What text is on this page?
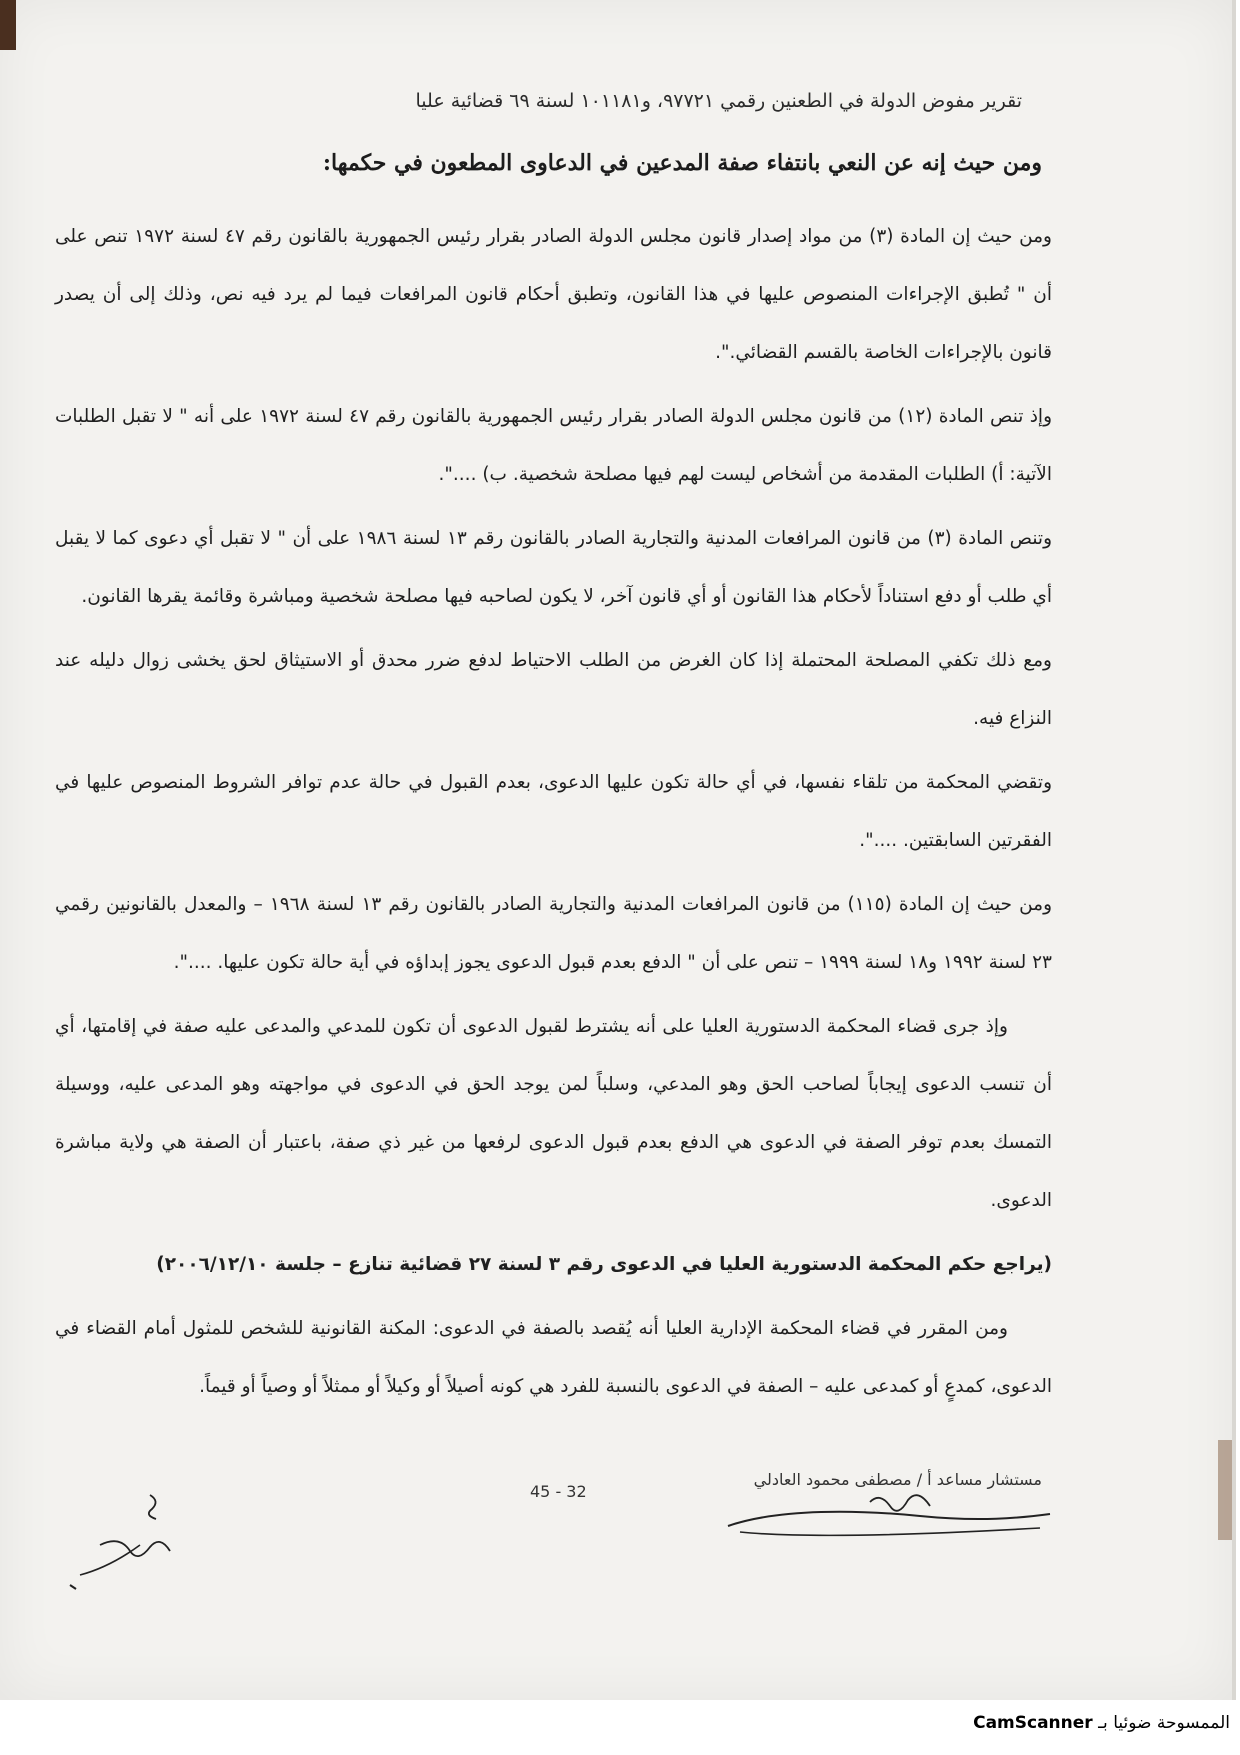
تقرير مفوض الدولة في الطعنين رقمي ٩٧٧٢١، و١٠١١٨١ لسنة ٦٩ قضائية عليا
ومن حيث إنه عن النعي بانتفاء صفة المدعين في الدعاوى المطعون في حكمها:

ومن حيث إن المادة (٣) من مواد إصدار قانون مجلس الدولة الصادر بقرار رئيس الجمهورية بالقانون رقم ٤٧ لسنة ١٩٧٢ تنص على أن " تُطبق الإجراءات المنصوص عليها في هذا القانون، وتطبق أحكام قانون المرافعات فيما لم يرد فيه نص، وذلك إلى أن يصدر قانون بالإجراءات الخاصة بالقسم القضائي.".

وإذ تنص المادة (١٢) من قانون مجلس الدولة الصادر بقرار رئيس الجمهورية بالقانون رقم ٤٧ لسنة ١٩٧٢ على أنه " لا تقبل الطلبات الآتية: أ) الطلبات المقدمة من أشخاص ليست لهم فيها مصلحة شخصية. ب) ....".

وتنص المادة (٣) من قانون المرافعات المدنية والتجارية الصادر بالقانون رقم ١٣ لسنة ١٩٨٦ على أن " لا تقبل أي دعوى كما لا يقبل أي طلب أو دفع استناداً لأحكام هذا القانون أو أي قانون آخر، لا يكون لصاحبه فيها مصلحة شخصية ومباشرة وقائمة يقرها القانون.

ومع ذلك تكفي المصلحة المحتملة إذا كان الغرض من الطلب الاحتياط لدفع ضرر محدق أو الاستيثاق لحق يخشى زوال دليله عند النزاع فيه.

وتقضي المحكمة من تلقاء نفسها، في أي حالة تكون عليها الدعوى، بعدم القبول في حالة عدم توافر الشروط المنصوص عليها في الفقرتين السابقتين. ....".

ومن حيث إن المادة (١١٥) من قانون المرافعات المدنية والتجارية الصادر بالقانون رقم ١٣ لسنة ١٩٦٨ – والمعدل بالقانونين رقمي ٢٣ لسنة ١٩٩٢ و١٨ لسنة ١٩٩٩ – تنص على أن " الدفع بعدم قبول الدعوى يجوز إبداؤه في أية حالة تكون عليها. ....".

وإذ جرى قضاء المحكمة الدستورية العليا على أنه يشترط لقبول الدعوى أن تكون للمدعي والمدعى عليه صفة في إقامتها، أي أن تنسب الدعوى إيجاباً لصاحب الحق وهو المدعي، وسلباً لمن يوجد الحق في الدعوى في مواجهته وهو المدعى عليه، ووسيلة التمسك بعدم توفر الصفة في الدعوى هي الدفع بعدم قبول الدعوى لرفعها من غير ذي صفة، باعتبار أن الصفة هي ولاية مباشرة الدعوى.

(يراجع حكم المحكمة الدستورية العليا في الدعوى رقم ٣ لسنة ٢٧ قضائية تنازع – جلسة ٢٠٠٦/١٢/١٠)

ومن المقرر في قضاء المحكمة الإدارية العليا أنه يُقصد بالصفة في الدعوى: المكنة القانونية للشخص للمثول أمام القضاء في الدعوى، كمدعٍ أو كمدعى عليه – الصفة في الدعوى بالنسبة للفرد هي كونه أصيلاً أو وكيلاً أو ممثلاً أو وصياً أو قيماً.

مستشار مساعد أ / مصطفى محمود العادلي
45 - 32
الممسوحة ضوئيا بـ CamScanner
